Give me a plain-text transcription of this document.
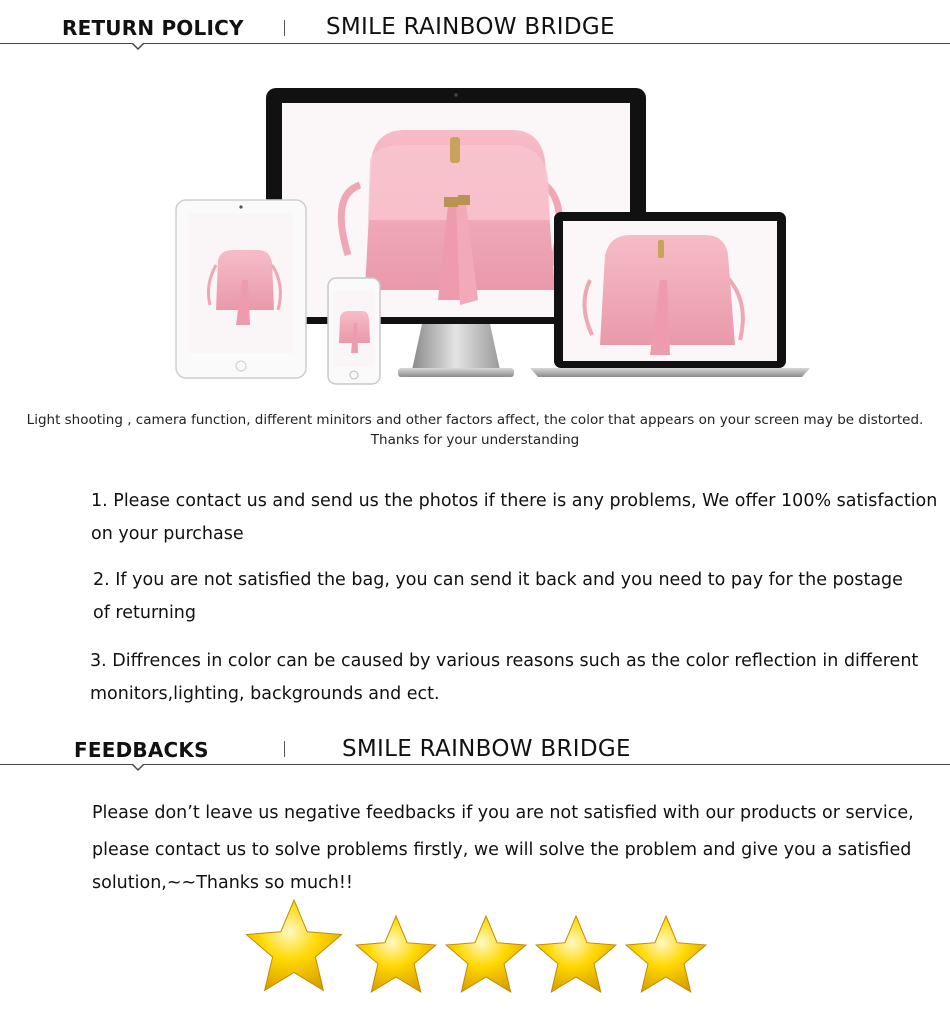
RETURN POLICY	SMILE RAINBOW BRIDGE
Light shooting , camera function, different minitors and other factors affect, the color that appears on your screen may be distorted.
Thanks for your understanding
1. Please contact us and send us the photos if there is any problems, We offer 100% satisfaction
on your purchase
2. If you are not satisfied the bag, you can send it back and you need to pay for the postage
of returning
3. Diffrences in color can be caused by various reasons such as the color reflection in different
monitors,lighting, backgrounds and ect.
FEEDBACKS	SMILE RAINBOW BRIDGE
Please don’t leave us negative feedbacks if you are not satisfied with our products or service,
please contact us to solve problems firstly, we will solve the problem and give you a satisfied
solution,~~Thanks so much!!
